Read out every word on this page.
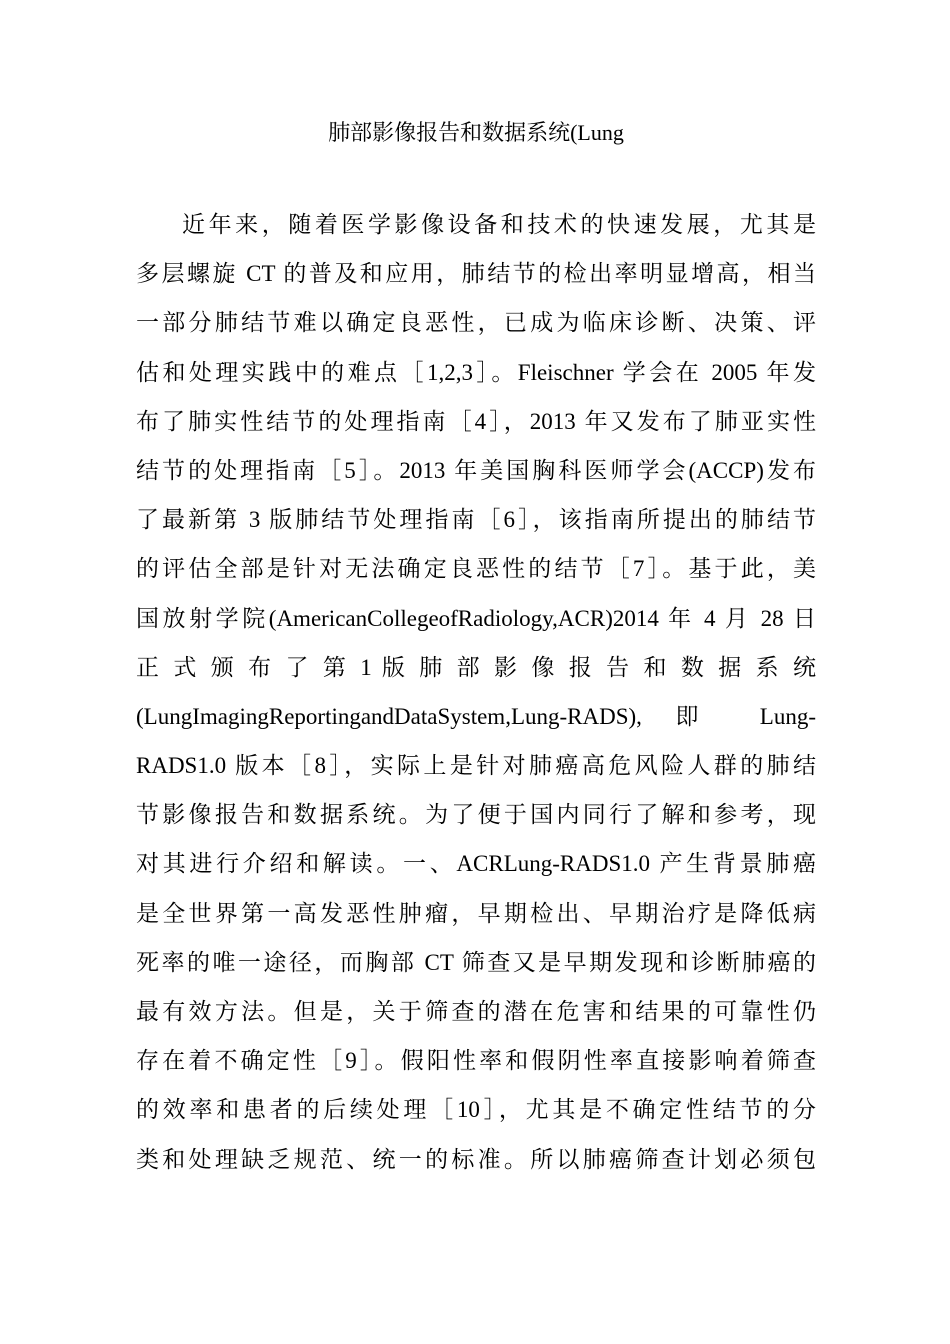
肺部影像报告和数据系统(Lung
近年来，随着医学影像设备和技术的快速发展，尤其是
多层螺旋 CT 的普及和应用，肺结节的检出率明显增高，相当
一部分肺结节难以确定良恶性，已成为临床诊断、决策、评
估和处理实践中的难点［1,2,3］。Fleischner 学会在 2005 年发
布了肺实性结节的处理指南［4］，2013 年又发布了肺亚实性
结节的处理指南［5］。2013 年美国胸科医师学会(ACCP)发布
了最新第 3 版肺结节处理指南［6］，该指南所提出的肺结节
的评估全部是针对无法确定良恶性的结节［7］。基于此，美
国放射学院(AmericanCollegeofRadiology,ACR)2014 年 4 月 28 日
正 式 颁 布 了 第 1 版 肺 部 影 像 报 告 和 数 据 系 统
(LungImagingReportingandDataSystem,Lung-RADS), 即 Lung-
RADS1.0 版本［8］，实际上是针对肺癌高危风险人群的肺结
节影像报告和数据系统。为了便于国内同行了解和参考，现
对其进行介绍和解读。一、ACRLung-RADS1.0 产生背景肺癌
是全世界第一高发恶性肿瘤，早期检出、早期治疗是降低病
死率的唯一途径，而胸部 CT 筛查又是早期发现和诊断肺癌的
最有效方法。但是，关于筛查的潜在危害和结果的可靠性仍
存在着不确定性［9］。假阳性率和假阴性率直接影响着筛查
的效率和患者的后续处理［10］，尤其是不确定性结节的分
类和处理缺乏规范、统一的标准。所以肺癌筛查计划必须包
